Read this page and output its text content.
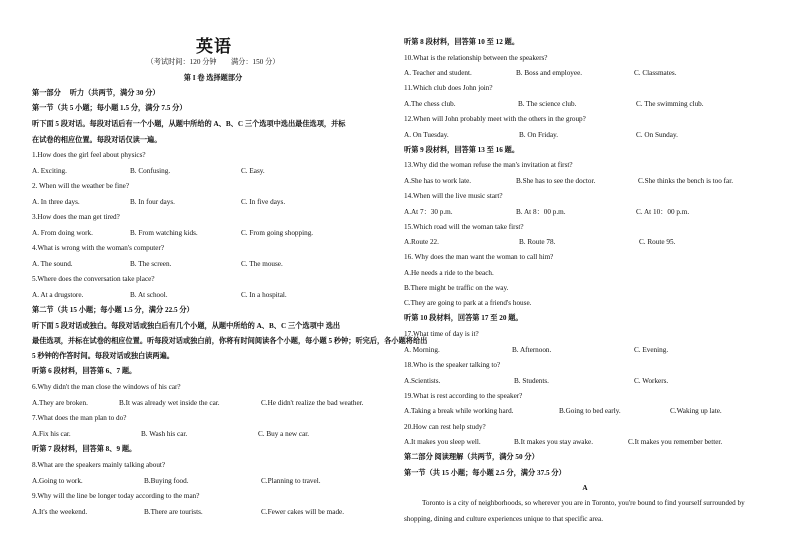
英语
（考试时间：120 分钟　　满分：150 分）
第 I 卷 选择题部分
第一部分　 听力（共两节，满分 30 分）
第一节（共 5 小题；每小题 1.5 分，满分 7.5 分）
听下面 5 段对话。每段对话后有一个小题，从题中所给的 A、B、C 三个选项中选出最佳选项，并标
在试卷的相应位置。每段对话仅读一遍。
1.How does the girl feel about physics?
A. Exciting.	B. Confusing.	C. Easy.
2. When will the weather be fine?
A. In three days.	B. In four days.	C. In five days.
3.How does the man get tired?
A. From doing work.	B. From watching kids.	C. From going shopping.
4.What is wrong with the woman's computer?
A. The sound.	B. The screen.	C. The mouse.
5.Where does the conversation take place?
A. At a drugstore.	B. At school.	C. In a hospital.
第二节（共 15 小题；每小题 1.5 分，满分 22.5 分）
听下面 5 段对话或独白。每段对话或独白后有几个小题，从题中所给的 A、B、C 三个选项中 选出
最佳选项，并标在试卷的相应位置。听每段对话或独白前，你将有时间阅读各个小题，每小题 5 秒钟；听完后，各小题将给出
5 秒钟的作答时间。每段对话或独白读两遍。
听第 6 段材料，回答第 6、7 题。
6.Why didn't the man close the windows of his car?
A.They are broken.	B.It was already wet inside the car.	C.He didn't realize the bad weather.
7.What does the man plan to do?
A.Fix his car.	B. Wash his car.	C. Buy a new car.
听第 7 段材料，回答第 8、9 题。
8.What are the speakers mainly talking about?
A.Going to work.	B.Buying food.	C.Planning to travel.
9.Why will the line be longer today according to the man?
A.It's the weekend.	B.There are tourists.	C.Fewer cakes will be made.
听第 8 段材料，回答第 10 至 12 题。
10.What is the relationship between the speakers?
A. Teacher and student.	B. Boss and employee.	C. Classmates.
11.Which club does John join?
A.The chess club.	B. The science club.	C. The swimming club.
12.When will John probably meet with the others in the group?
A. On Tuesday.	B. On Friday.	C. On Sunday.
听第 9 段材料，回答第 13 至 16 题。
13.Why did the woman refuse the man's invitation at first?
A.She has to work late.	B.She has to see the doctor.	C.She thinks the bench is too far.
14.When will the live music start?
A.At 7：30 p.m.	B. At 8：00 p.m.	C. At 10：00 p.m.
15.Which road will the woman take first?
A.Route 22.	B. Route 78.	C. Route 95.
16. Why does the man want the woman to call him?
A.He needs a ride to the beach.
B.There might be traffic on the way.
C.They are going to park at a friend's house.
听第 10 段材料，回答第 17 至 20 题。
17.What time of day is it?
A. Morning.	B. Afternoon.	C. Evening.
18.Who is the speaker talking to?
A.Scientists.	B. Students.	C. Workers.
19.What is rest according to the speaker?
A.Taking a break while working hard.	B.Going to bed early.	C.Waking up late.
20.How can rest help study?
A.It makes you sleep well.	B.It makes you stay awake.	C.It makes you remember better.
第二部分 阅读理解（共两节，满分 50 分）
第一节（共 15 小题；每小题 2.5 分，满分 37.5 分）
A
Toronto is a city of neighborhoods, so wherever you are in Toronto, you're bound to find yourself surrounded by shopping, dining and culture experiences unique to that specific area.
